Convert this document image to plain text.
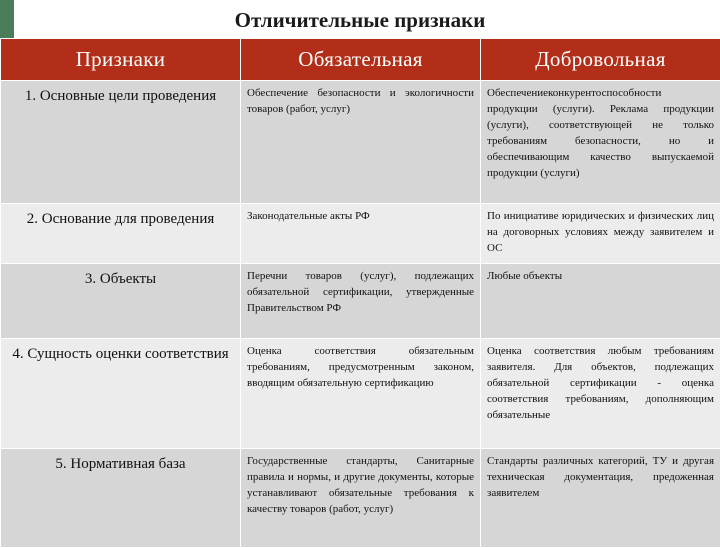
Отличительные признаки
Признаки	Обязательная	Добровольная
1. Основные цели проведения	Обеспечение безопасности и экологичности товаров (работ, услуг)	Обеспечениеконкурентоспособности продукции (услуги). Реклама продукции (услуги), соответствующей не только требованиям безопасности, но и обеспечивающим качество выпускаемой продукции (услуги)
2. Основание для проведения	Законодательные акты РФ	По инициативе юридических и физических лиц на договорных условиях между заявителем и ОС
3. Объекты	Перечни товаров (услуг), подлежащих обязательной сертификации, утвержденные Правительством РФ	Любые объекты
4. Сущность оценки соответствия	Оценка соответствия обязательным требованиям, предусмотренным законом, вводящим обязательную сертификацию	Оценка соответствия любым требованиям заявителя. Для объектов, подлежащих обязательной сертификации - оценка соответствия требованиям, дополняющим обязательные
5. Нормативная база	Государственные стандарты, Санитарные правила и нормы, и другие документы, которые устанавливают обязательные требования к качеству товаров (работ, услуг)	Стандарты различных категорий, ТУ и другая техническая документация, предоженная заявителем
